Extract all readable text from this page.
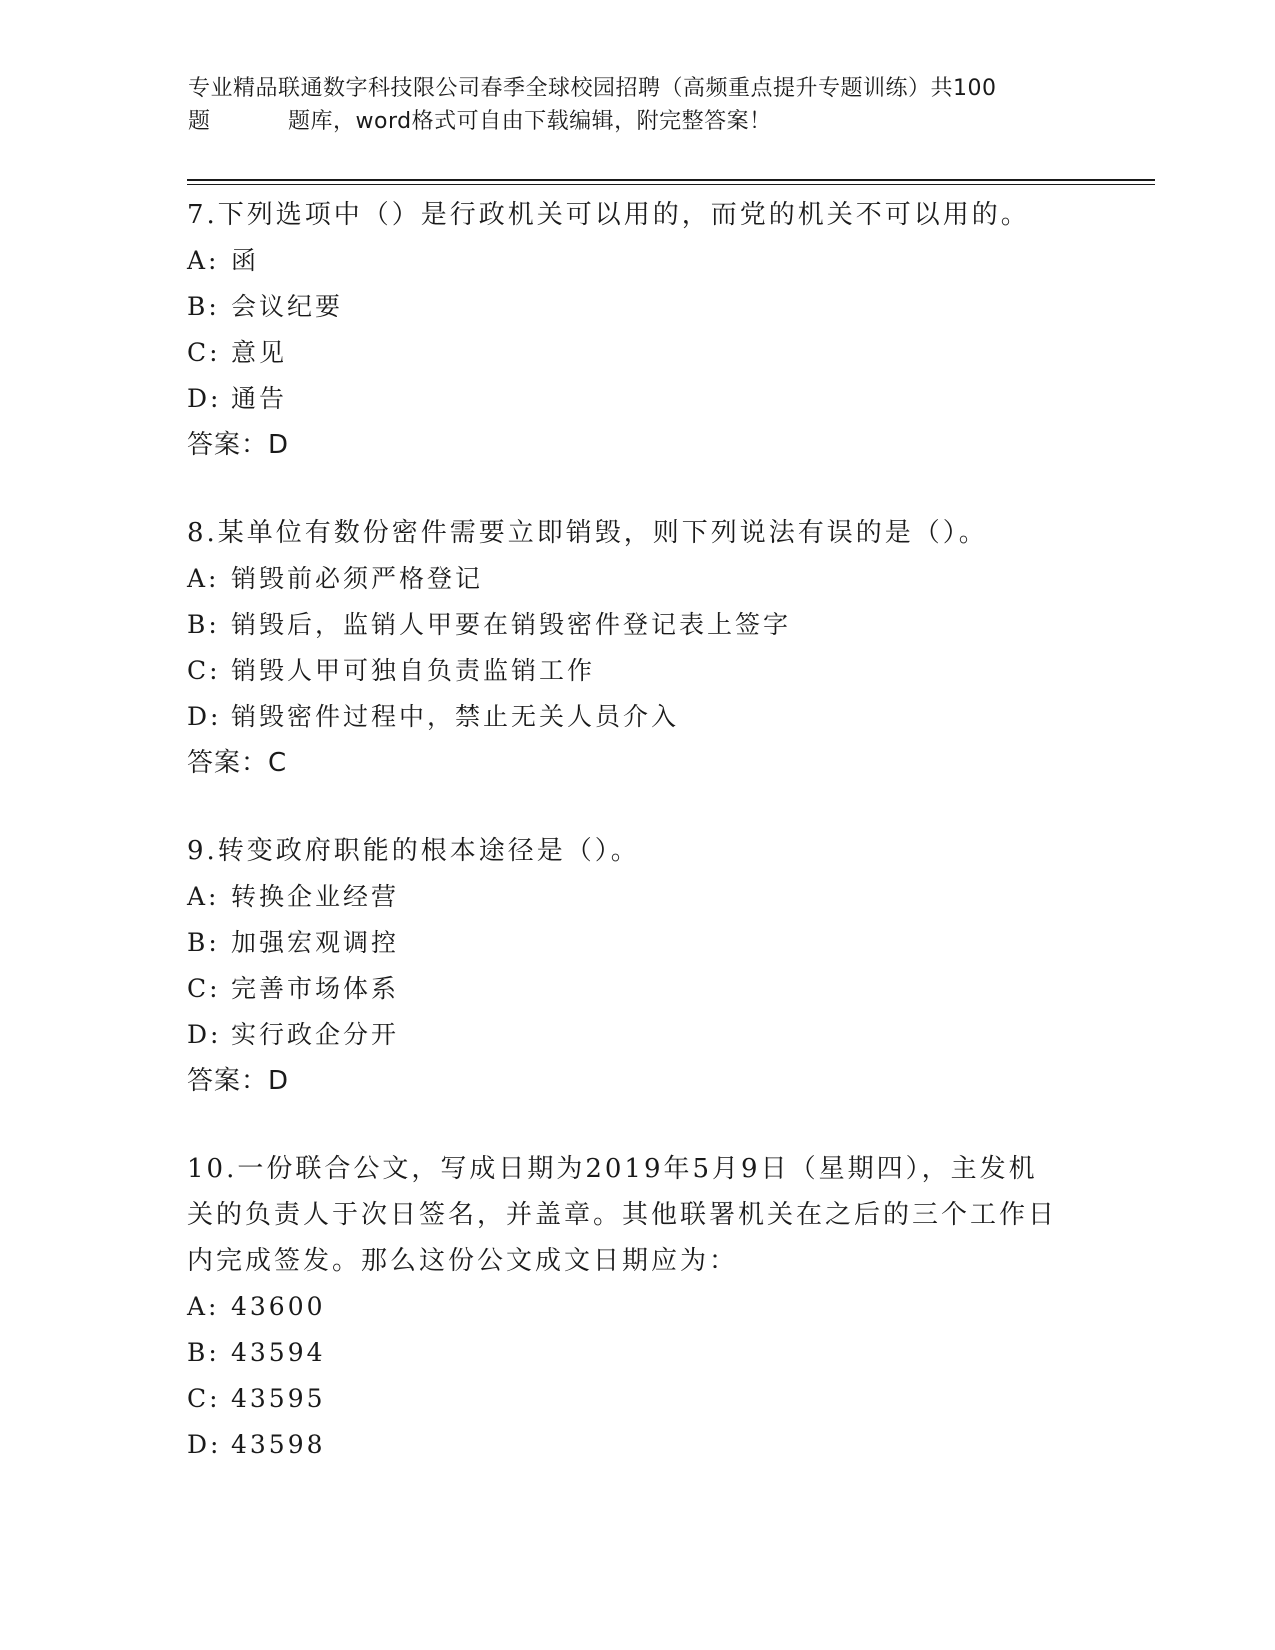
专业精品联通数字科技限公司春季全球校园招聘（高频重点提升专题训练）共100
题	题库，word格式可自由下载编辑，附完整答案！
7.下列选项中（）是行政机关可以用的，而党的机关不可以用的。
A: 函
B: 会议纪要
C: 意见
D: 通告
答案：D
8.某单位有数份密件需要立即销毁，则下列说法有误的是（）。
A: 销毁前必须严格登记
B: 销毁后，监销人甲要在销毁密件登记表上签字
C: 销毁人甲可独自负责监销工作
D: 销毁密件过程中，禁止无关人员介入
答案：C
9.转变政府职能的根本途径是（）。
A: 转换企业经营
B: 加强宏观调控
C: 完善市场体系
D: 实行政企分开
答案：D
10.一份联合公文，写成日期为2019年5月9日（星期四），主发机
关的负责人于次日签名，并盖章。其他联署机关在之后的三个工作日
内完成签发。那么这份公文成文日期应为：
A: 43600
B: 43594
C: 43595
D: 43598
